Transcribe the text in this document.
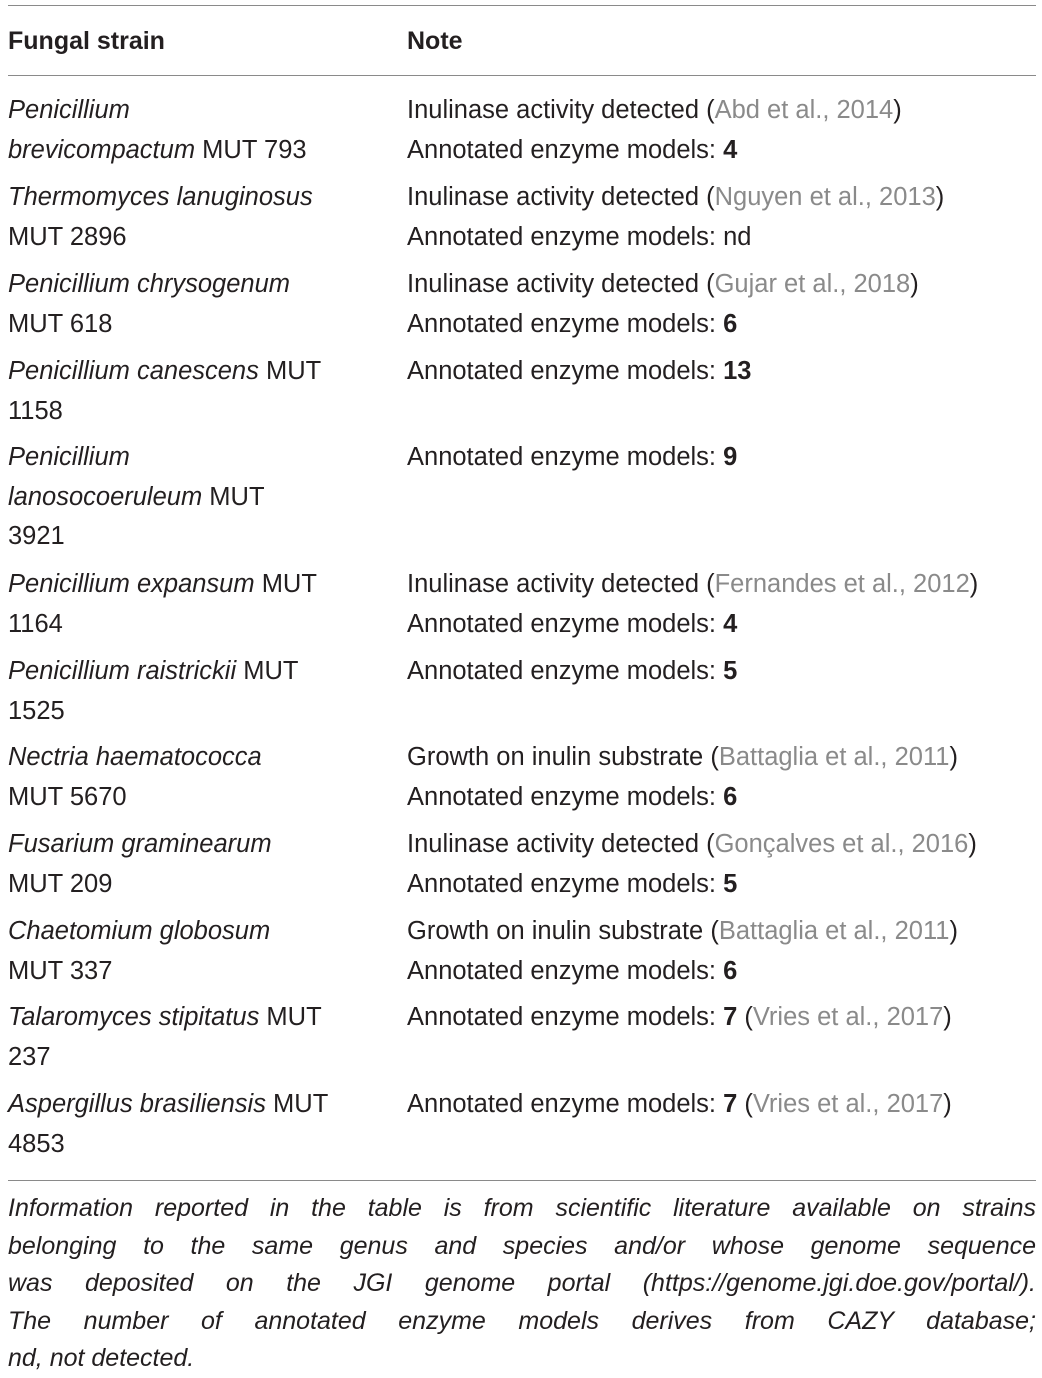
Fungal strain	Note
Penicillium
brevicompactum MUT 793
Inulinase activity detected (Abd et al., 2014)
Annotated enzyme models: 4
Thermomyces lanuginosus
MUT 2896
Inulinase activity detected (Nguyen et al., 2013)
Annotated enzyme models: nd
Penicillium chrysogenum
MUT 618
Inulinase activity detected (Gujar et al., 2018)
Annotated enzyme models: 6
Penicillium canescens MUT
1158
Annotated enzyme models: 13
Penicillium
lanosocoeruleum MUT
3921
Annotated enzyme models: 9
Penicillium expansum MUT
1164
Inulinase activity detected (Fernandes et al., 2012)
Annotated enzyme models: 4
Penicillium raistrickii MUT
1525
Annotated enzyme models: 5
Nectria haematococca
MUT 5670
Growth on inulin substrate (Battaglia et al., 2011)
Annotated enzyme models: 6
Fusarium graminearum
MUT 209
Inulinase activity detected (Gonçalves et al., 2016)
Annotated enzyme models: 5
Chaetomium globosum
MUT 337
Growth on inulin substrate (Battaglia et al., 2011)
Annotated enzyme models: 6
Talaromyces stipitatus MUT
237
Annotated enzyme models: 7 (Vries et al., 2017)
Aspergillus brasiliensis MUT
4853
Annotated enzyme models: 7 (Vries et al., 2017)
Information reported in the table is from scientific literature available on strains
belonging to the same genus and species and/or whose genome sequence
was deposited on the JGI genome portal (https://genome.jgi.doe.gov/portal/).
The number of annotated enzyme models derives from CAZY database;
nd, not detected.
